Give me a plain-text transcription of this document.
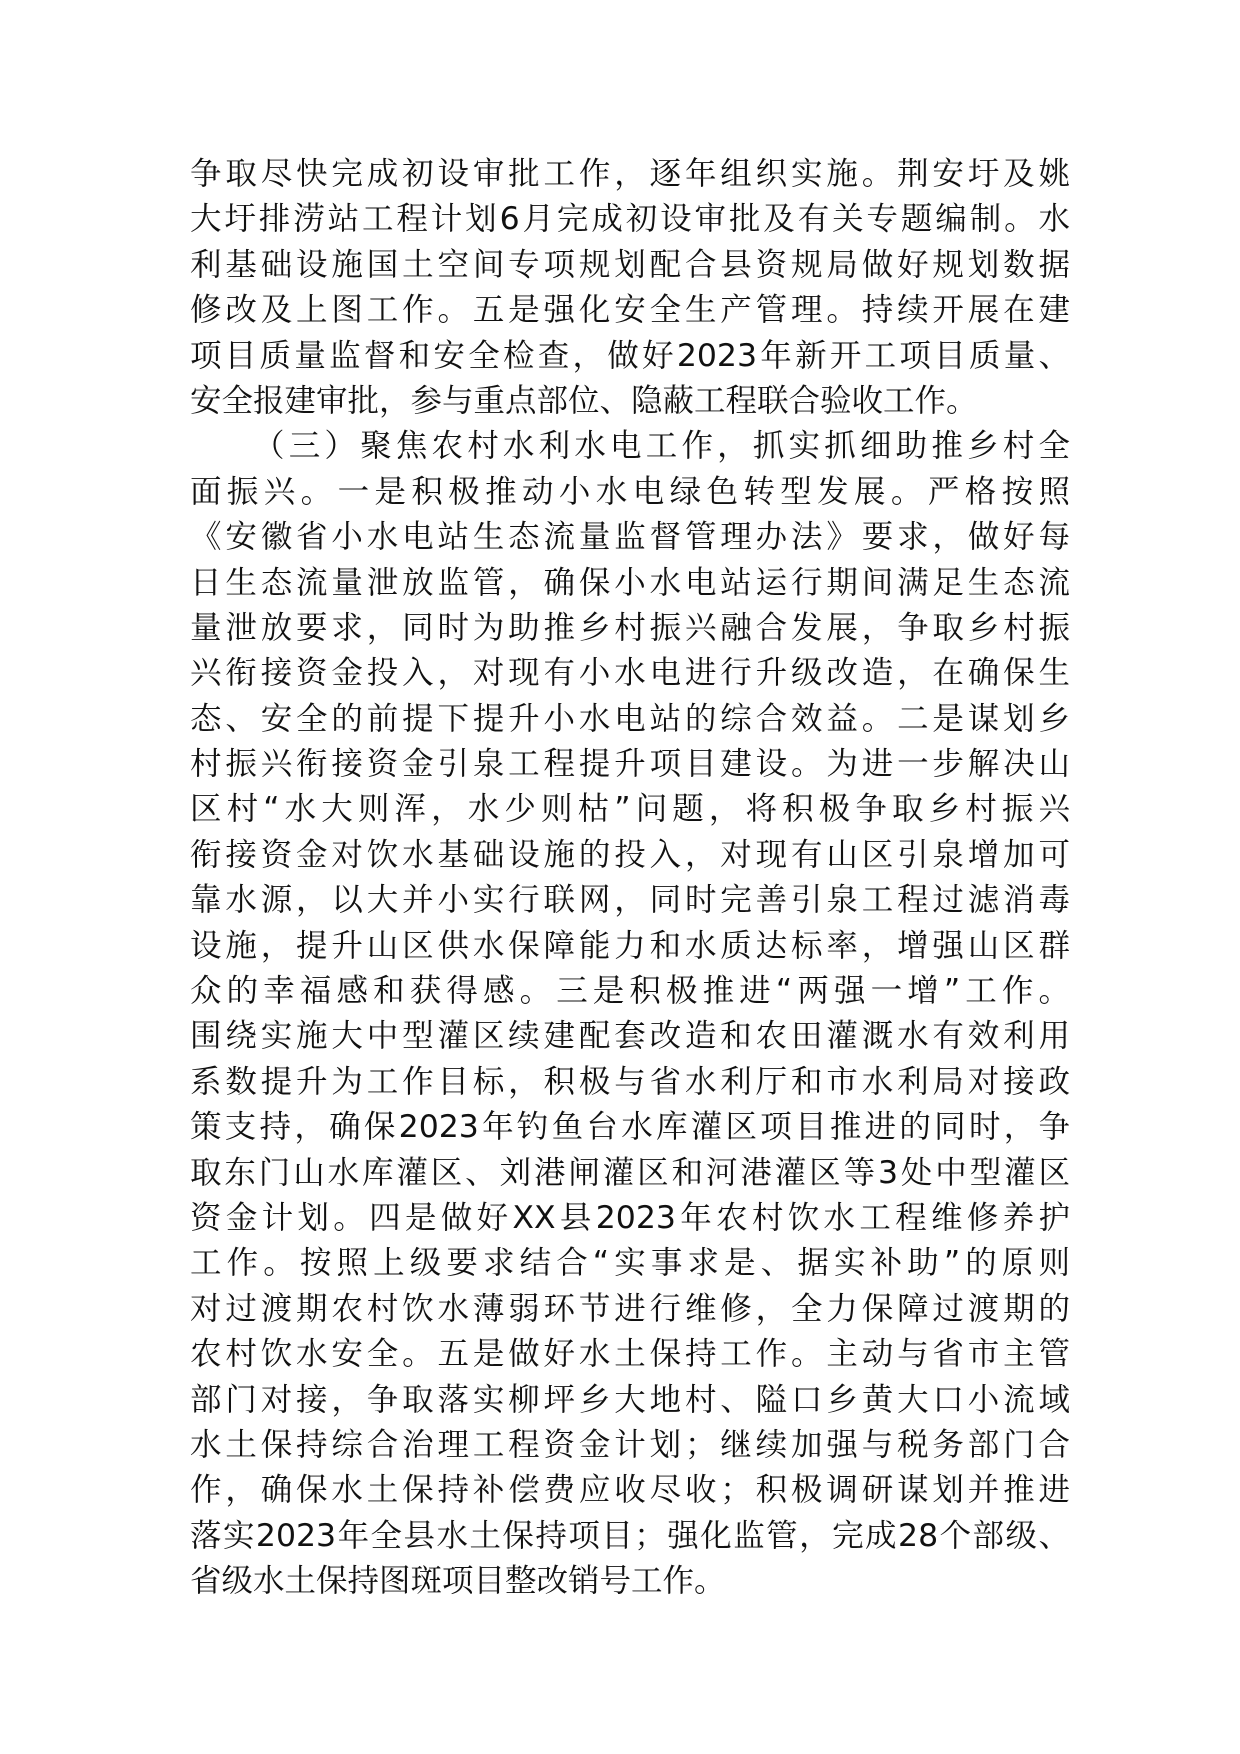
争取尽快完成初设审批工作，逐年组织实施。荆安圩及姚
大圩排涝站工程计划6月完成初设审批及有关专题编制。水
利基础设施国土空间专项规划配合县资规局做好规划数据
修改及上图工作。五是强化安全生产管理。持续开展在建
项目质量监督和安全检查，做好2023年新开工项目质量、
安全报建审批，参与重点部位、隐蔽工程联合验收工作。
（三）聚焦农村水利水电工作，抓实抓细助推乡村全
面振兴。一是积极推动小水电绿色转型发展。严格按照
《安徽省小水电站生态流量监督管理办法》要求，做好每
日生态流量泄放监管，确保小水电站运行期间满足生态流
量泄放要求，同时为助推乡村振兴融合发展，争取乡村振
兴衔接资金投入，对现有小水电进行升级改造，在确保生
态、安全的前提下提升小水电站的综合效益。二是谋划乡
村振兴衔接资金引泉工程提升项目建设。为进一步解决山
区村“水大则浑，水少则枯”问题，将积极争取乡村振兴
衔接资金对饮水基础设施的投入，对现有山区引泉增加可
靠水源，以大并小实行联网，同时完善引泉工程过滤消毒
设施，提升山区供水保障能力和水质达标率，增强山区群
众的幸福感和获得感。三是积极推进“两强一增”工作。
围绕实施大中型灌区续建配套改造和农田灌溉水有效利用
系数提升为工作目标，积极与省水利厅和市水利局对接政
策支持，确保2023年钓鱼台水库灌区项目推进的同时，争
取东门山水库灌区、刘港闸灌区和河港灌区等3处中型灌区
资金计划。四是做好XX县2023年农村饮水工程维修养护
工作。按照上级要求结合“实事求是、据实补助”的原则
对过渡期农村饮水薄弱环节进行维修，全力保障过渡期的
农村饮水安全。五是做好水土保持工作。主动与省市主管
部门对接，争取落实柳坪乡大地村、隘口乡黄大口小流域
水土保持综合治理工程资金计划；继续加强与税务部门合
作，确保水土保持补偿费应收尽收；积极调研谋划并推进
落实2023年全县水土保持项目；强化监管，完成28个部级、
省级水土保持图斑项目整改销号工作。
